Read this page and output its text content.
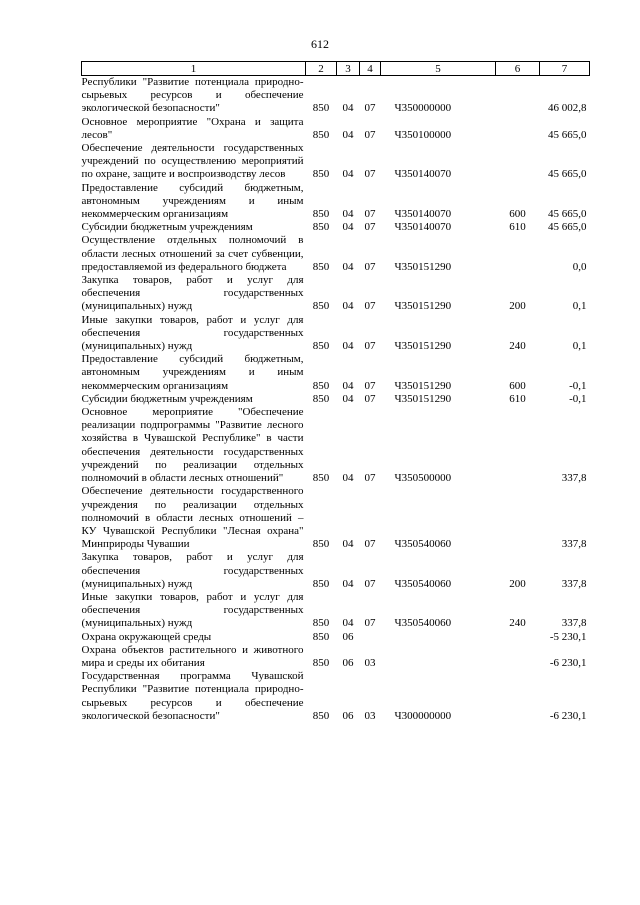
612
1	2	3	4	5	6	7
Республики "Развитие потенциала природно-сырьевых ресурсов и обеспечение экологической безопасности"	850	04	07	Ч350000000		46 002,8
Основное мероприятие "Охрана и защита лесов"	850	04	07	Ч350100000		45 665,0
Обеспечение деятельности государственных учреждений по осуществлению мероприятий по охране, защите и воспроизводству лесов	850	04	07	Ч350140070		45 665,0
Предоставление субсидий бюджетным, автономным учреждениям и иным некоммерческим организациям	850	04	07	Ч350140070	600	45 665,0
Субсидии бюджетным учреждениям	850	04	07	Ч350140070	610	45 665,0
Осуществление отдельных полномочий в области лесных отношений за счет субвенции, предоставляемой из федерального бюджета	850	04	07	Ч350151290		0,0
Закупка товаров, работ и услуг для обеспечения государственных (муниципальных) нужд	850	04	07	Ч350151290	200	0,1
Иные закупки товаров, работ и услуг для обеспечения государственных (муниципальных) нужд	850	04	07	Ч350151290	240	0,1
Предоставление субсидий бюджетным, автономным учреждениям и иным некоммерческим организациям	850	04	07	Ч350151290	600	-0,1
Субсидии бюджетным учреждениям	850	04	07	Ч350151290	610	-0,1
Основное мероприятие "Обеспечение реализации подпрограммы "Развитие лесного хозяйства в Чувашской Республике" в части обеспечения деятельности государственных учреждений по реализации отдельных полномочий в области лесных отношений"	850	04	07	Ч350500000		337,8
Обеспечение деятельности государственного учреждения по реализации отдельных полномочий в области лесных отношений – КУ Чувашской Республики "Лесная охрана" Минприроды Чувашии	850	04	07	Ч350540060		337,8
Закупка товаров, работ и услуг для обеспечения государственных (муниципальных) нужд	850	04	07	Ч350540060	200	337,8
Иные закупки товаров, работ и услуг для обеспечения государственных (муниципальных) нужд	850	04	07	Ч350540060	240	337,8
Охрана окружающей среды	850	06				-5 230,1
Охрана объектов растительного и животного мира и среды их обитания	850	06	03			-6 230,1
Государственная программа Чувашской Республики "Развитие потенциала природно-сырьевых ресурсов и обеспечение экологической безопасности"	850	06	03	Ч300000000		-6 230,1
